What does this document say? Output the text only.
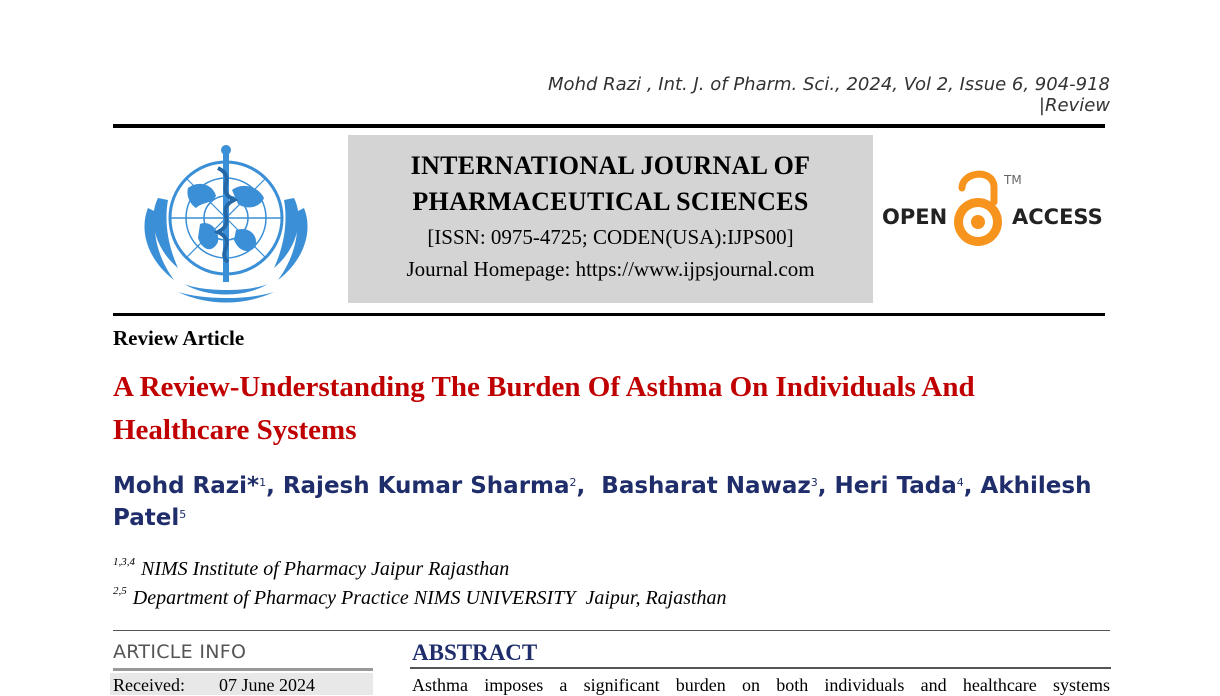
Mohd Razi , Int. J. of Pharm. Sci., 2024, Vol 2, Issue 6, 904-918 |Review
INTERNATIONAL JOURNAL OF
PHARMACEUTICAL SCIENCES
[ISSN: 0975-4725; CODEN(USA):IJPS00]
Journal Homepage: https://www.ijpsjournal.com
OPEN	ACCESS
TM
Review Article
A Review-Understanding The Burden Of Asthma On Individuals And Healthcare Systems
Mohd Razi*$^1$, Rajesh Kumar Sharma$^2$,  Basharat Nawaz$^3$, Heri Tada$^4$, Akhilesh Patel$^5$
$^{1,3,4}$ NIMS Institute of Pharmacy Jaipur Rajasthan
$^{2,5}$ Department of Pharmacy Practice NIMS UNIVERSITY  Jaipur, Rajasthan
ARTICLE INFO
Received: 07 June 2024
ABSTRACT
Asthma imposes a significant burden on both individuals and healthcare systems
